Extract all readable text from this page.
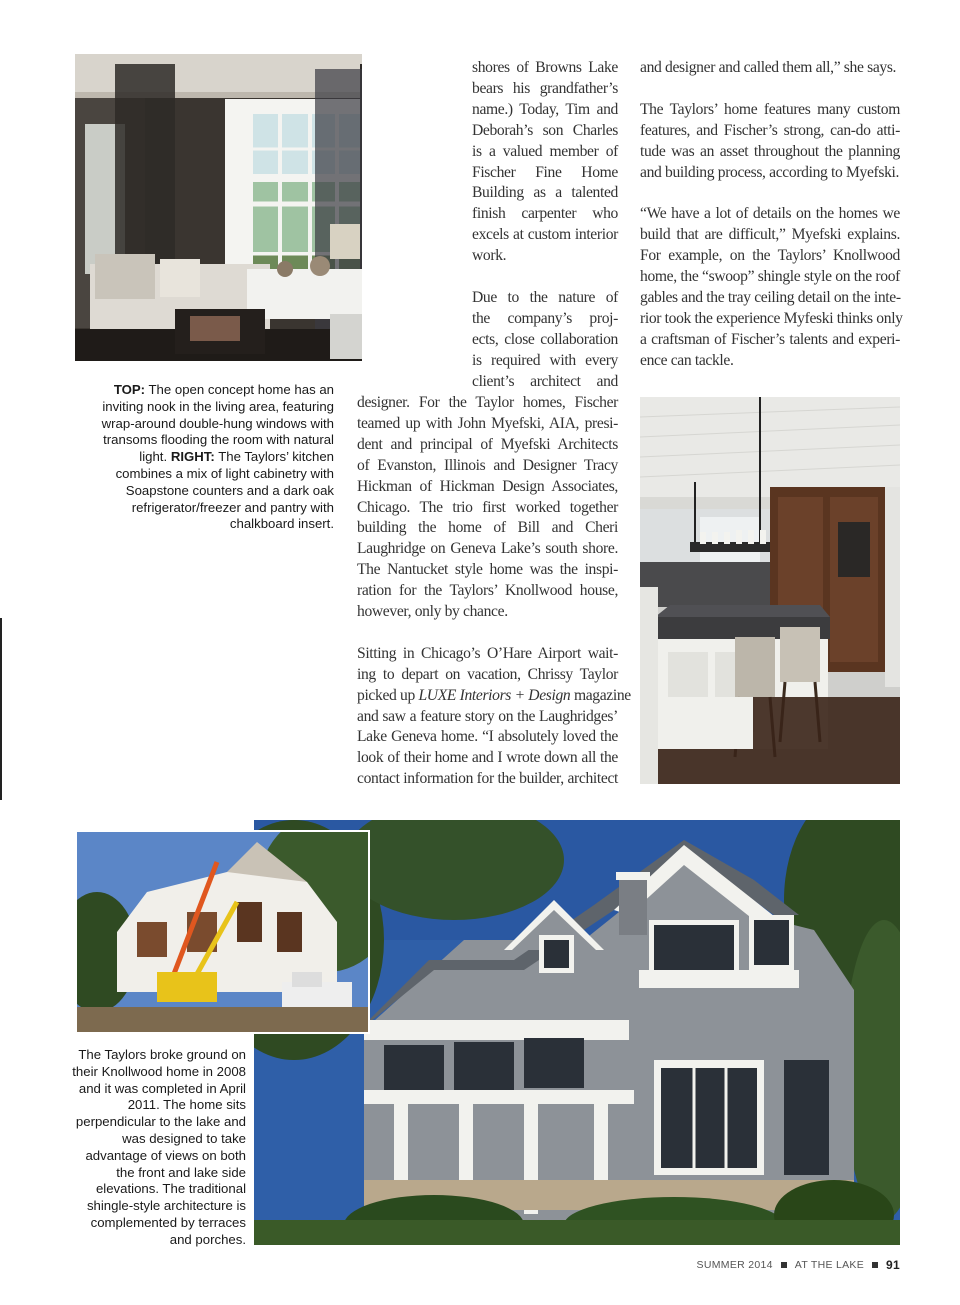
TOP: The open concept home has an inviting nook in the living area, featuring wrap-around double-hung windows with transoms flooding the room with natural light. RIGHT: The Taylors’ kitchen combines a mix of light cabinetry with Soapstone counters and a dark oak refrigerator/freezer and pantry with chalkboard insert.

shores of Browns Lake
bears his grandfather’s
name.) Today, Tim and
Deborah’s son Charles
is a valued member of
Fischer Fine Home
Building as a talented
finish carpenter who
excels at custom interior
work.

Due to the nature of
the company’s proj-
ects, close collaboration
is required with every
client’s architect and

designer. For the Taylor homes, Fischer
teamed up with John Myefski, AIA, presi-
dent and principal of Myefski Architects
of Evanston, Illinois and Designer Tracy
Hickman of Hickman Design Associates,
Chicago. The trio first worked together
building the home of Bill and Cheri
Laughridge on Geneva Lake’s south shore.
The Nantucket style home was the inspi-
ration for the Taylors’ Knollwood house,
however, only by chance.

Sitting in Chicago’s O’Hare Airport wait-
ing to depart on vacation, Chrissy Taylor
picked up LUXE Interiors + Design magazine
and saw a feature story on the Laughridges’
Lake Geneva home. “I absolutely loved the
look of their home and I wrote down all the
contact information for the builder, architect

and designer and called them all,” she says.

The Taylors’ home features many custom
features, and Fischer’s strong, can-do atti-
tude was an asset throughout the planning
and building process, according to Myefski.

“We have a lot of details on the homes we
build that are difficult,” Myefski explains.
For example, on the Taylors’ Knollwood
home, the “swoop” shingle style on the roof
gables and the tray ceiling detail on the inte-
rior took the experience Myfeski thinks only
a craftsman of Fischer’s talents and experi-
ence can tackle.

The Taylors broke ground on their Knollwood home in 2008 and it was completed in April 2011. The home sits perpendicular to the lake and was designed to take advantage of views on both the front and lake side elevations. The traditional shingle-style architecture is complemented by terraces and porches.
SUMMER 2014 AT THE LAKE 91
